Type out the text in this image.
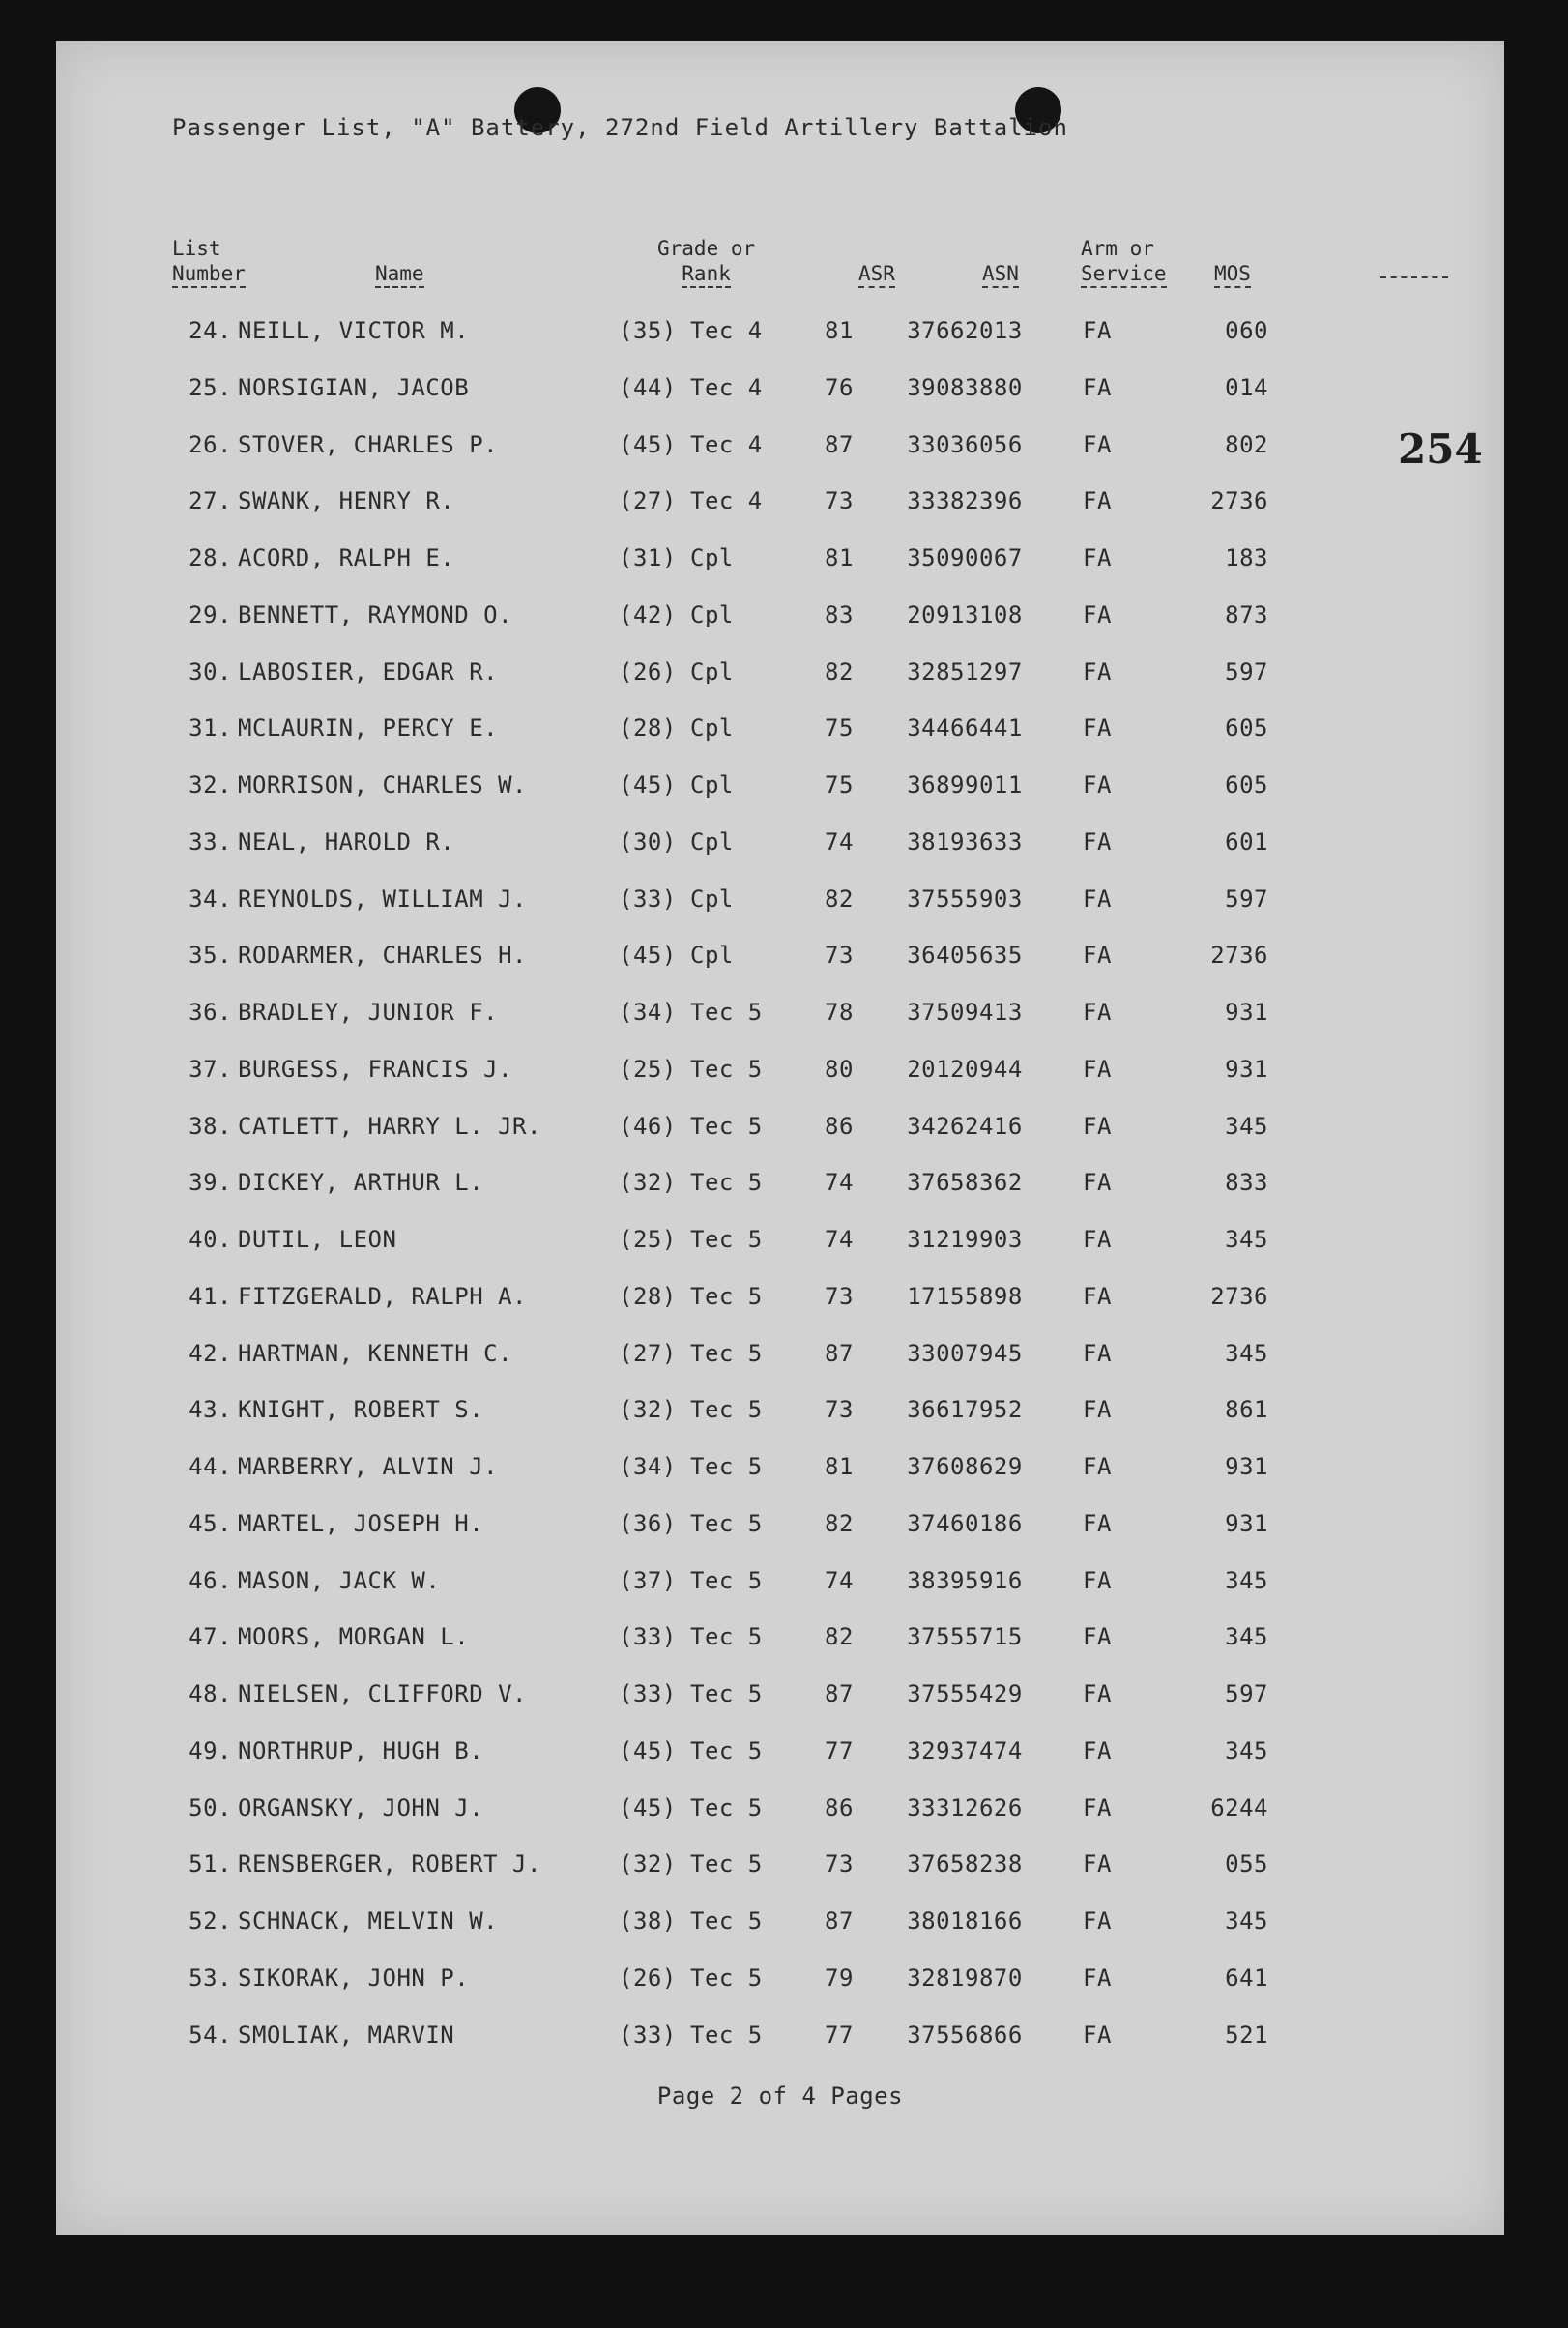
Passenger List, "A" Battery, 272nd Field Artillery Battalion
254
List
Number	Name
Grade or
Rank	ASR	ASN
Arm or
Service MOS
24. NEILL, VICTOR M.	(35) Tec 4	81	37662013	FA	060
25. NORSIGIAN, JACOB	(44) Tec 4	76	39083880	FA	014
26. STOVER, CHARLES P.	(45) Tec 4	87	33036056	FA	802
27. SWANK, HENRY R.	(27) Tec 4	73	33382396	FA	2736
28. ACORD, RALPH E.	(31) Cpl	81	35090067	FA	183
29. BENNETT, RAYMOND O.	(42) Cpl	83	20913108	FA	873
30. LABOSIER, EDGAR R.	(26) Cpl	82	32851297	FA	597
31. MCLAURIN, PERCY E.	(28) Cpl	75	34466441	FA	605
32. MORRISON, CHARLES W.	(45) Cpl	75	36899011	FA	605
33. NEAL, HAROLD R.	(30) Cpl	74	38193633	FA	601
34. REYNOLDS, WILLIAM J.	(33) Cpl	82	37555903	FA	597
35. RODARMER, CHARLES H.	(45) Cpl	73	36405635	FA	2736
36. BRADLEY, JUNIOR F.	(34) Tec 5	78	37509413	FA	931
37. BURGESS, FRANCIS J.	(25) Tec 5	80	20120944	FA	931
38. CATLETT, HARRY L. JR.	(46) Tec 5	86	34262416	FA	345
39. DICKEY, ARTHUR L.	(32) Tec 5	74	37658362	FA	833
40. DUTIL, LEON	(25) Tec 5	74	31219903	FA	345
41. FITZGERALD, RALPH A.	(28) Tec 5	73	17155898	FA	2736
42. HARTMAN, KENNETH C.	(27) Tec 5	87	33007945	FA	345
43. KNIGHT, ROBERT S.	(32) Tec 5	73	36617952	FA	861
44. MARBERRY, ALVIN J.	(34) Tec 5	81	37608629	FA	931
45. MARTEL, JOSEPH H.	(36) Tec 5	82	37460186	FA	931
46. MASON, JACK W.	(37) Tec 5	74	38395916	FA	345
47. MOORS, MORGAN L.	(33) Tec 5	82	37555715	FA	345
48. NIELSEN, CLIFFORD V.	(33) Tec 5	87	37555429	FA	597
49. NORTHRUP, HUGH B.	(45) Tec 5	77	32937474	FA	345
50. ORGANSKY, JOHN J.	(45) Tec 5	86	33312626	FA	6244
51. RENSBERGER, ROBERT J.	(32) Tec 5	73	37658238	FA	055
52. SCHNACK, MELVIN W.	(38) Tec 5	87	38018166	FA	345
53. SIKORAK, JOHN P.	(26) Tec 5	79	32819870	FA	641
54. SMOLIAK, MARVIN	(33) Tec 5	77	37556866	FA	521
Page 2 of 4 Pages
